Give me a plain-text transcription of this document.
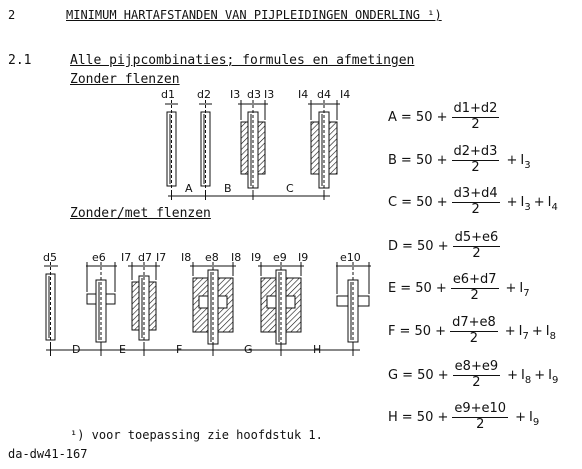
2	MINIMUM HARTAFSTANDEN VAN PIJPLEIDINGEN ONDERLING ¹)
2.1	Alle pijpcombinaties; formules en afmetingen
Zonder flenzen
Zonder/met flenzen
d1 d2 I3 d3 I3 I4 d4 I4
A	B	C
d5	e6 I7 d7 I7 I8 e8 I8 I9 e9 I9	e10
D	E	F	G	H
$A = 50 + \frac{d1+d2}{2}$
$B = 50 + \frac{d2+d3}{2} + I_3$
$C = 50 + \frac{d3+d4}{2} + I_3 + I_4$
$D = 50 + \frac{d5+e6}{2}$
$E = 50 + \frac{e6+d7}{2} + I_7$
$F = 50 + \frac{d7+e8}{2} + I_7 + I_8$
$G = 50 + \frac{e8+e9}{2} + I_8 + I_9$
$H = 50 + \frac{e9+e10}{2} + I_9$
¹) voor toepassing zie hoofdstuk 1.
da-dw41-167
